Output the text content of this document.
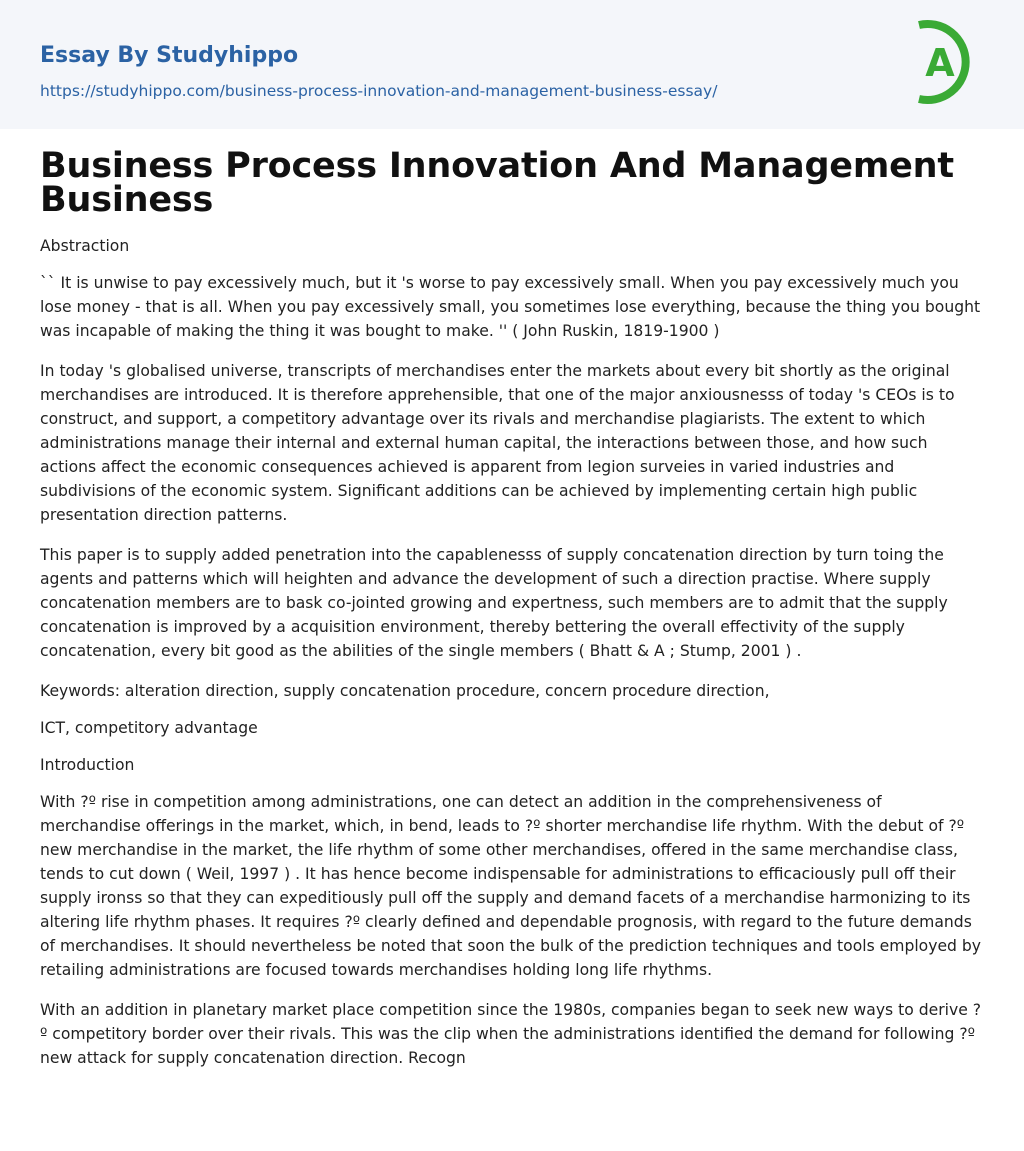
Essay By Studyhippo
https://studyhippo.com/business-process-innovation-and-management-business-essay/
A
Business Process Innovation And Management Business

Abstraction

`` It is unwise to pay excessively much, but it 's worse to pay excessively small. When you pay excessively much you lose money - that is all. When you pay excessively small, you sometimes lose everything, because the thing you bought was incapable of making the thing it was bought to make. '' ( John Ruskin, 1819-1900 )

In today 's globalised universe, transcripts of merchandises enter the markets about every bit shortly as the original merchandises are introduced. It is therefore apprehensible, that one of the major anxiousnesss of today 's CEOs is to construct, and support, a competitory advantage over its rivals and merchandise plagiarists. The extent to which administrations manage their internal and external human capital, the interactions between those, and how such actions affect the economic consequences achieved is apparent from legion surveies in varied industries and subdivisions of the economic system. Significant additions can be achieved by implementing certain high public presentation direction patterns.

This paper is to supply added penetration into the capablenesss of supply concatenation direction by turn toing the agents and patterns which will heighten and advance the development of such a direction practise. Where supply concatenation members are to bask co-jointed growing and expertness, such members are to admit that the supply concatenation is improved by a acquisition environment, thereby bettering the overall effectivity of the supply concatenation, every bit good as the abilities of the single members ( Bhatt & A ; Stump, 2001 ) .

Keywords: alteration direction, supply concatenation procedure, concern procedure direction,

ICT, competitory advantage

Introduction

With ?º rise in competition among administrations, one can detect an addition in the comprehensiveness of merchandise offerings in the market, which, in bend, leads to ?º shorter merchandise life rhythm. With the debut of ?º new merchandise in the market, the life rhythm of some other merchandises, offered in the same merchandise class, tends to cut down ( Weil, 1997 ) . It has hence become indispensable for administrations to efficaciously pull off their supply ironss so that they can expeditiously pull off the supply and demand facets of a merchandise harmonizing to its altering life rhythm phases. It requires ?º clearly defined and dependable prognosis, with regard to the future demands of merchandises. It should nevertheless be noted that soon the bulk of the prediction techniques and tools employed by retailing administrations are focused towards merchandises holding long life rhythms.

With an addition in planetary market place competition since the 1980s, companies began to seek new ways to derive ?º competitory border over their rivals. This was the clip when the administrations identified the demand for following ?º new attack for supply concatenation direction. Recogn
